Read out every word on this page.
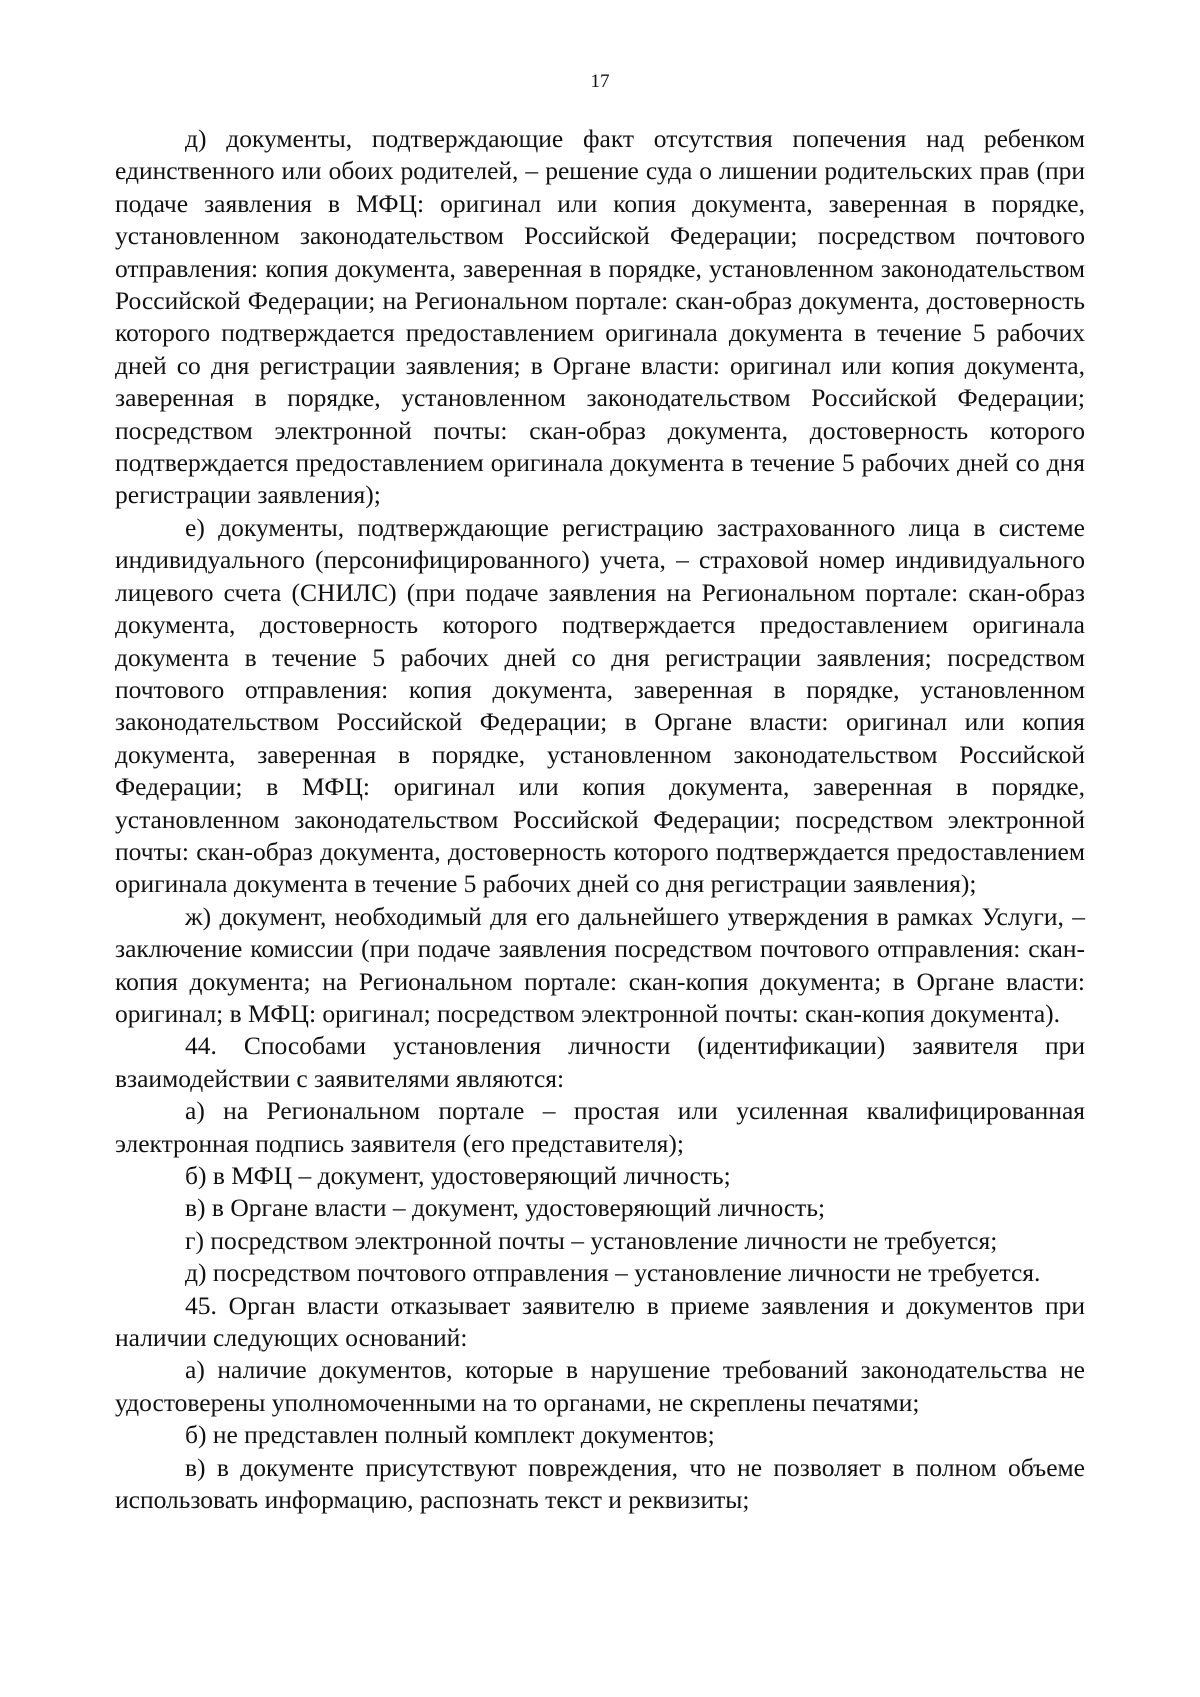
17

д) документы, подтверждающие факт отсутствия попечения над ребенком единственного или обоих родителей, – решение суда о лишении родительских прав (при подаче заявления в МФЦ: оригинал или копия документа, заверенная в порядке, установленном законодательством Российской Федерации; посредством почтового отправления: копия документа, заверенная в порядке, установленном законодательством Российской Федерации; на Региональном портале: скан-образ документа, достоверность которого подтверждается предоставлением оригинала документа в течение 5 рабочих дней со дня регистрации заявления; в Органе власти: оригинал или копия документа, заверенная в порядке, установленном законодательством Российской Федерации; посредством электронной почты: скан-образ документа, достоверность которого подтверждается предоставлением оригинала документа в течение 5 рабочих дней со дня регистрации заявления);

е) документы, подтверждающие регистрацию застрахованного лица в системе индивидуального (персонифицированного) учета, – страховой номер индивидуального лицевого счета (СНИЛС) (при подаче заявления на Региональном портале: скан-образ документа, достоверность которого подтверждается предоставлением оригинала документа в течение 5 рабочих дней со дня регистрации заявления; посредством почтового отправления: копия документа, заверенная в порядке, установленном законодательством Российской Федерации; в Органе власти: оригинал или копия документа, заверенная в порядке, установленном законодательством Российской Федерации; в МФЦ: оригинал или копия документа, заверенная в порядке, установленном законодательством Российской Федерации; посредством электронной почты: скан-образ документа, достоверность которого подтверждается предоставлением оригинала документа в течение 5 рабочих дней со дня регистрации заявления);

ж) документ, необходимый для его дальнейшего утверждения в рамках Услуги, – заключение комиссии (при подаче заявления посредством почтового отправления: скан-копия документа; на Региональном портале: скан-копия документа; в Органе власти: оригинал; в МФЦ: оригинал; посредством электронной почты: скан-копия документа).

44. Способами установления личности (идентификации) заявителя при взаимодействии с заявителями являются:

а) на Региональном портале – простая или усиленная квалифицированная электронная подпись заявителя (его представителя);

б) в МФЦ – документ, удостоверяющий личность;

в) в Органе власти – документ, удостоверяющий личность;

г) посредством электронной почты – установление личности не требуется;

д) посредством почтового отправления – установление личности не требуется.

45. Орган власти отказывает заявителю в приеме заявления и документов при наличии следующих оснований:

а) наличие документов, которые в нарушение требований законодательства не удостоверены уполномоченными на то органами, не скреплены печатями;

б) не представлен полный комплект документов;

в) в документе присутствуют повреждения, что не позволяет в полном объеме использовать информацию, распознать текст и реквизиты;
